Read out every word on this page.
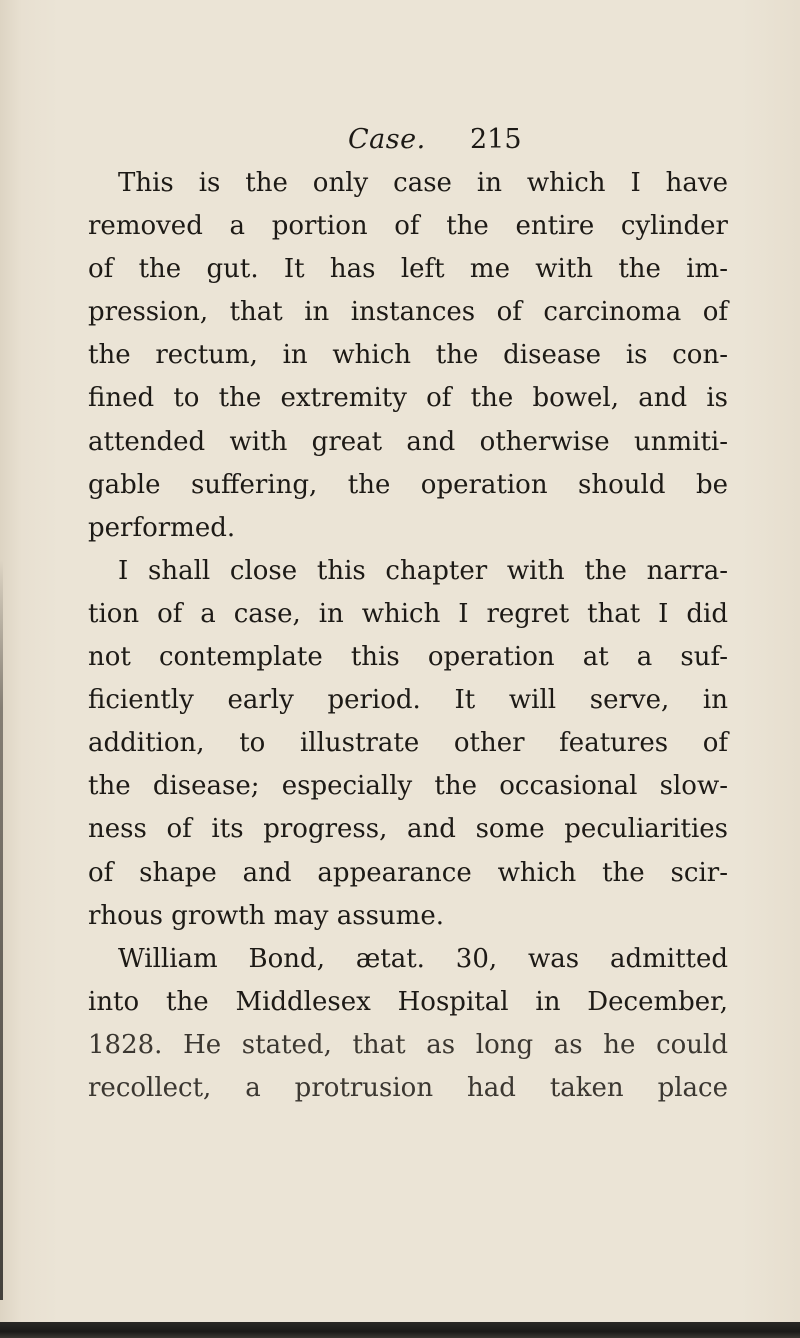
Case. 215
This is the only case in which I have
removed a portion of the entire cylinder
of the gut. It has left me with the im-
pression, that in instances of carcinoma of
the rectum, in which the disease is con-
fined to the extremity of the bowel, and is
attended with great and otherwise unmiti-
gable suffering, the operation should be
performed.
I shall close this chapter with the narra-
tion of a case, in which I regret that I did
not contemplate this operation at a suf-
ficiently early period. It will serve, in
addition, to illustrate other features of
the disease; especially the occasional slow-
ness of its progress, and some peculiarities
of shape and appearance which the scir-
rhous growth may assume.
William Bond, ætat. 30, was admitted
into the Middlesex Hospital in December,
1828. He stated, that as long as he could
recollect, a protrusion had taken place
